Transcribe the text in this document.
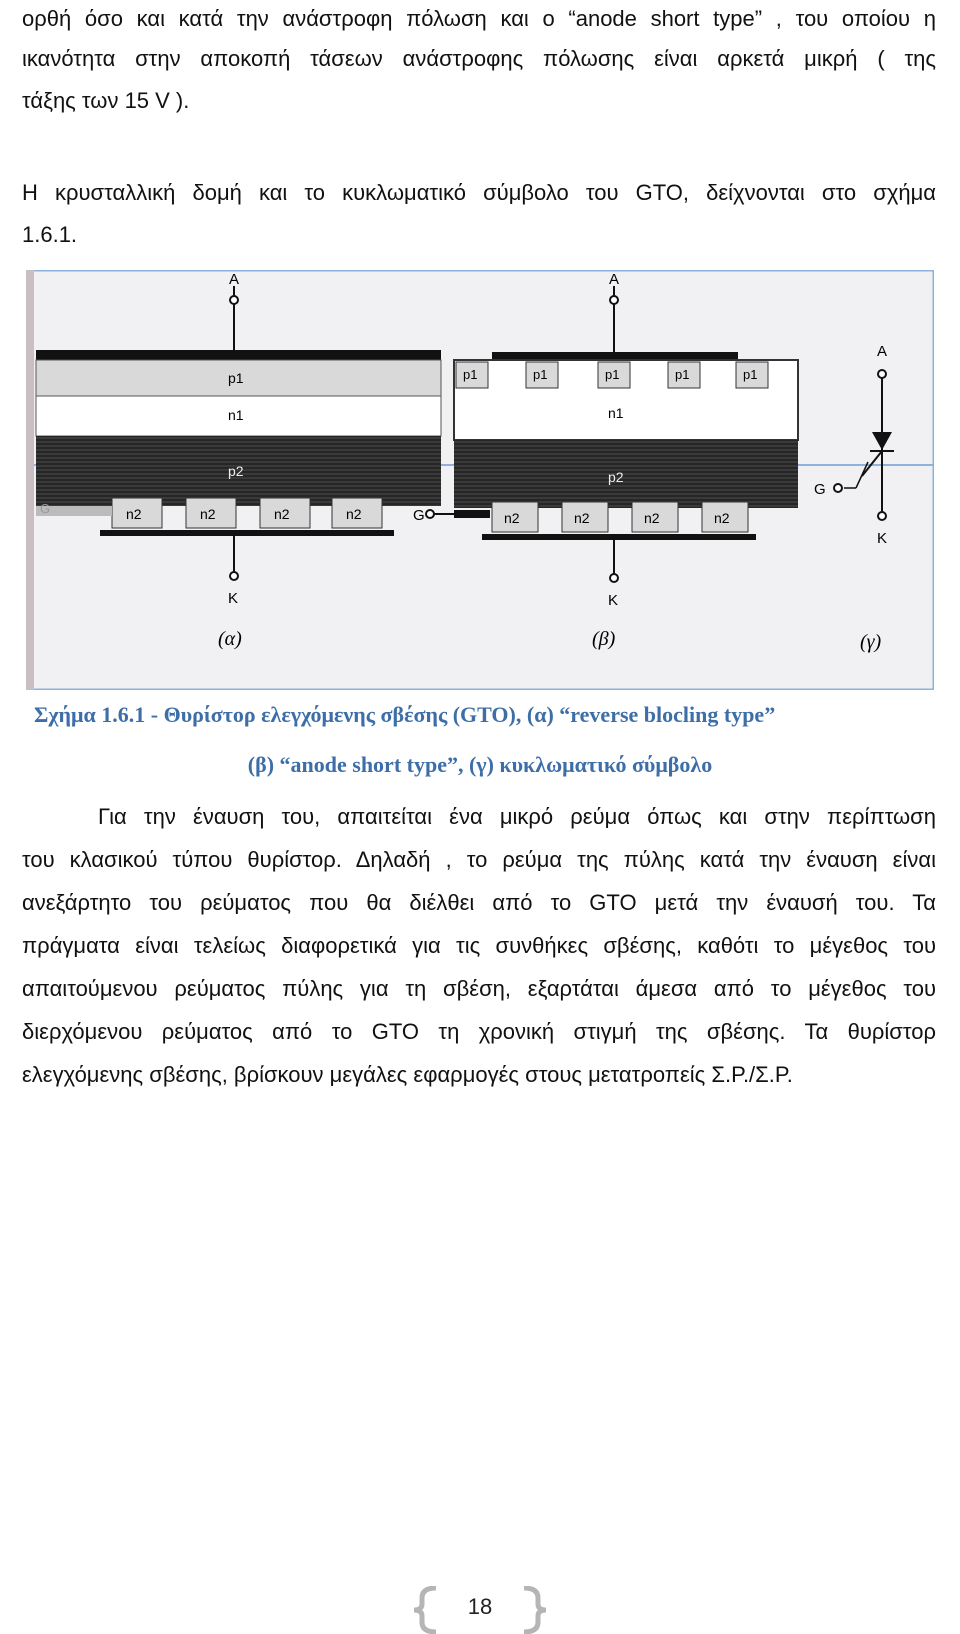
ορθή όσο και κατά την ανάστροφη πόλωση και ο “anode short type” , του οποίου η

ικανότητα στην αποκοπή τάσεων ανάστροφης πόλωσης είναι αρκετά μικρή ( της

τάξης των 15 V ).

Η κρυσταλλική δομή και το κυκλωματικό σύμβολο του GTO, δείχνονται στο σχήμα

1.6.1.

A
p1
n1
p2
n2	n2	n2	n2
G
K
(α)
A
n1
p1	p1	p1	p1	p1
p2
n2	n2	n2	n2
G
K
(β)
A
G
K
(γ)
Σχήμα 1.6.1 - Θυρίστορ ελεγχόμενης σβέσης (GTO), (α) “reverse blocling type”
(β) “anode short type”, (γ) κυκλωματικό σύμβολο

Για την έναυση του, απαιτείται ένα μικρό ρεύμα όπως και στην περίπτωση

του κλασικού τύπου θυρίστορ. Δηλαδή , το ρεύμα της πύλης κατά την έναυση είναι

ανεξάρτητο του ρεύματος που θα διέλθει από το GTO μετά την έναυσή του. Τα

πράγματα είναι τελείως διαφορετικά για τις συνθήκες σβέσης, καθότι το μέγεθος του

απαιτούμενου ρεύματος πύλης για τη σβέση, εξαρτάται άμεσα από το μέγεθος του

διερχόμενου ρεύματος από το GTO τη χρονική στιγμή της σβέσης. Τα θυρίστορ

ελεγχόμενης σβέσης, βρίσκουν μεγάλες εφαρμογές στους μετατροπείς Σ.Ρ./Σ.Ρ.

18
